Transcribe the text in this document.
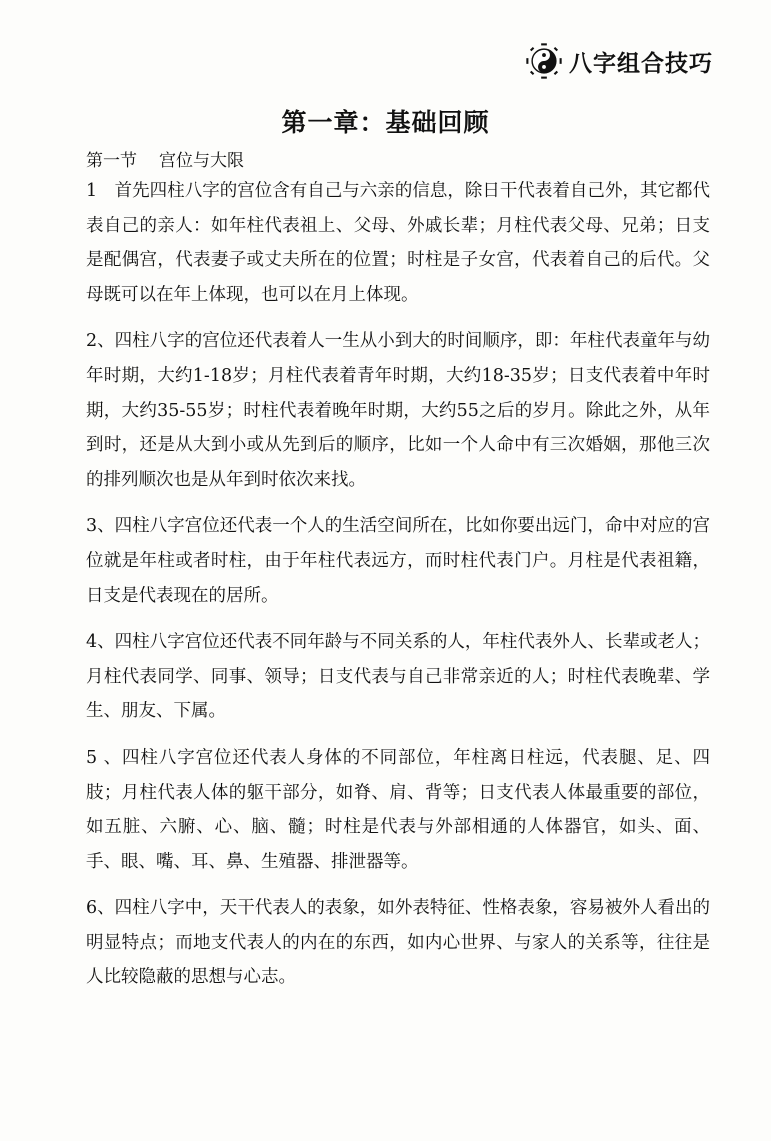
八字组合技巧
第一章：基础回顾
第一节 宫位与大限

1　首先四柱八字的宫位含有自己与六亲的信息，除日干代表着自己外，其它都代表自己的亲人：如年柱代表祖上、父母、外戚长辈；月柱代表父母、兄弟；日支是配偶宫，代表妻子或丈夫所在的位置；时柱是子女宫，代表着自己的后代。父母既可以在年上体现，也可以在月上体现。

2、四柱八字的宫位还代表着人一生从小到大的时间顺序，即：年柱代表童年与幼年时期，大约1-18岁；月柱代表着青年时期，大约18-35岁；日支代表着中年时期，大约35-55岁；时柱代表着晚年时期，大约55之后的岁月。除此之外，从年到时，还是从大到小或从先到后的顺序，比如一个人命中有三次婚姻，那他三次的排列顺次也是从年到时依次来找。

3、四柱八字宫位还代表一个人的生活空间所在，比如你要出远门，命中对应的宫位就是年柱或者时柱，由于年柱代表远方，而时柱代表门户。月柱是代表祖籍，日支是代表现在的居所。

4、四柱八字宫位还代表不同年龄与不同关系的人，年柱代表外人、长辈或老人；月柱代表同学、同事、领导；日支代表与自己非常亲近的人；时柱代表晚辈、学生、朋友、下属。

5 、四柱八字宫位还代表人身体的不同部位，年柱离日柱远，代表腿、足、四肢；月柱代表人体的躯干部分，如脊、肩、背等；日支代表人体最重要的部位，如五脏、六腑、心、脑、髓；时柱是代表与外部相通的人体器官，如头、面、手、眼、嘴、耳、鼻、生殖器、排泄器等。

6、四柱八字中，天干代表人的表象，如外表特征、性格表象，容易被外人看出的明显特点；而地支代表人的内在的东西，如内心世界、与家人的关系等，往往是人比较隐蔽的思想与心志。
